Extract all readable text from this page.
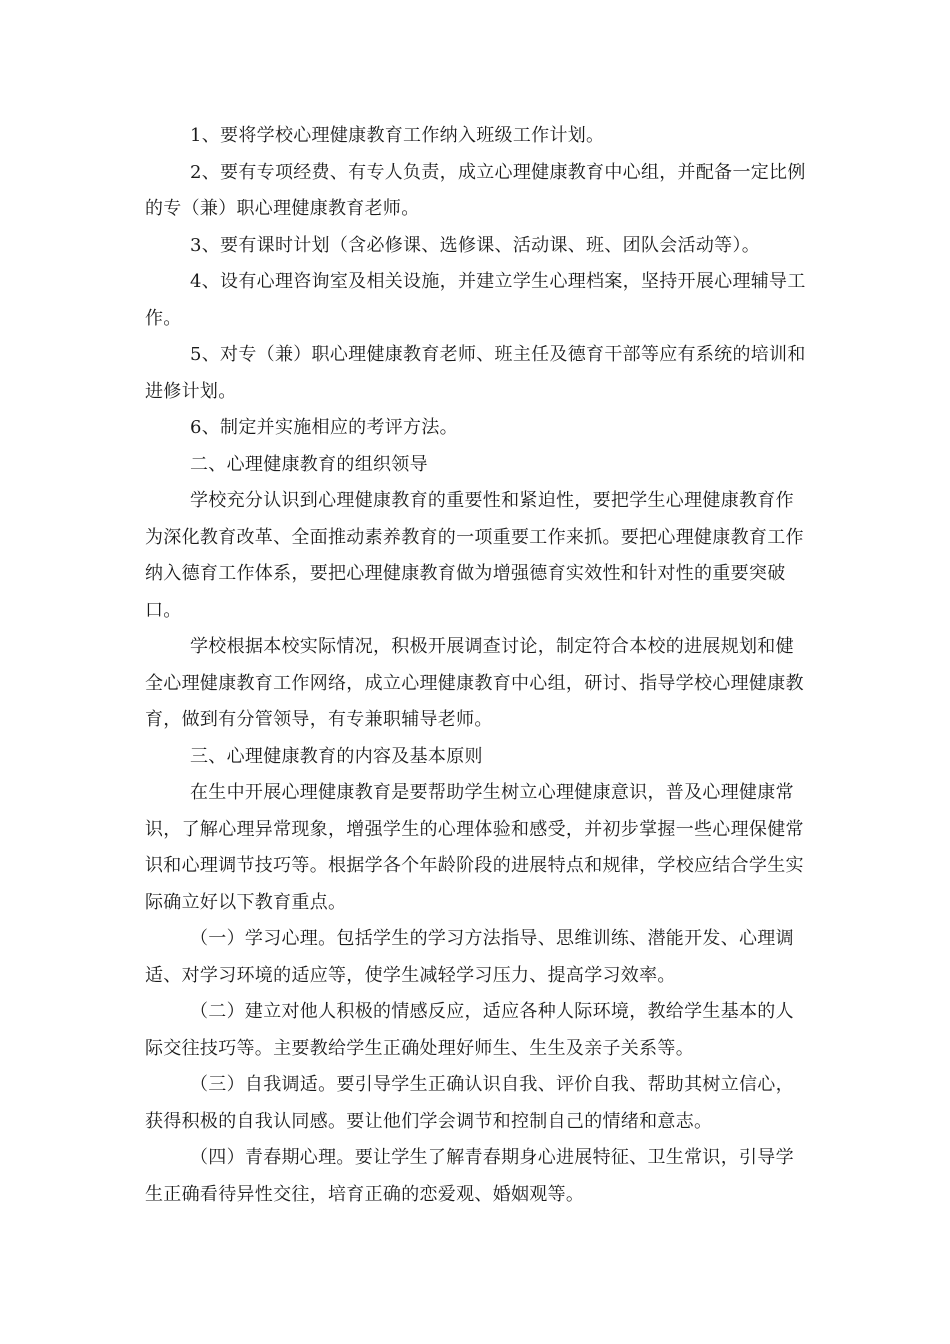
1、要将学校心理健康教育工作纳入班级工作计划。

2、要有专项经费、有专人负责，成立心理健康教育中心组，并配备一定比例的专（兼）职心理健康教育老师。

3、要有课时计划（含必修课、选修课、活动课、班、团队会活动等）。

4、设有心理咨询室及相关设施，并建立学生心理档案，坚持开展心理辅导工作。

5、对专（兼）职心理健康教育老师、班主任及德育干部等应有系统的培训和进修计划。

6、制定并实施相应的考评方法。

二、心理健康教育的组织领导

学校充分认识到心理健康教育的重要性和紧迫性，要把学生心理健康教育作为深化教育改革、全面推动素养教育的一项重要工作来抓。要把心理健康教育工作纳入德育工作体系，要把心理健康教育做为增强德育实效性和针对性的重要突破口。

学校根据本校实际情况，积极开展调查讨论，制定符合本校的进展规划和健全心理健康教育工作网络，成立心理健康教育中心组，研讨、指导学校心理健康教育，做到有分管领导，有专兼职辅导老师。

三、心理健康教育的内容及基本原则

在生中开展心理健康教育是要帮助学生树立心理健康意识，普及心理健康常识，了解心理异常现象，增强学生的心理体验和感受，并初步掌握一些心理保健常识和心理调节技巧等。根据学各个年龄阶段的进展特点和规律，学校应结合学生实际确立好以下教育重点。

（一）学习心理。包括学生的学习方法指导、思维训练、潜能开发、心理调适、对学习环境的适应等，使学生减轻学习压力、提高学习效率。

（二）建立对他人积极的情感反应，适应各种人际环境，教给学生基本的人际交往技巧等。主要教给学生正确处理好师生、生生及亲子关系等。

（三）自我调适。要引导学生正确认识自我、评价自我、帮助其树立信心，获得积极的自我认同感。要让他们学会调节和控制自己的情绪和意志。

（四）青春期心理。要让学生了解青春期身心进展特征、卫生常识，引导学生正确看待异性交往，培育正确的恋爱观、婚姻观等。
